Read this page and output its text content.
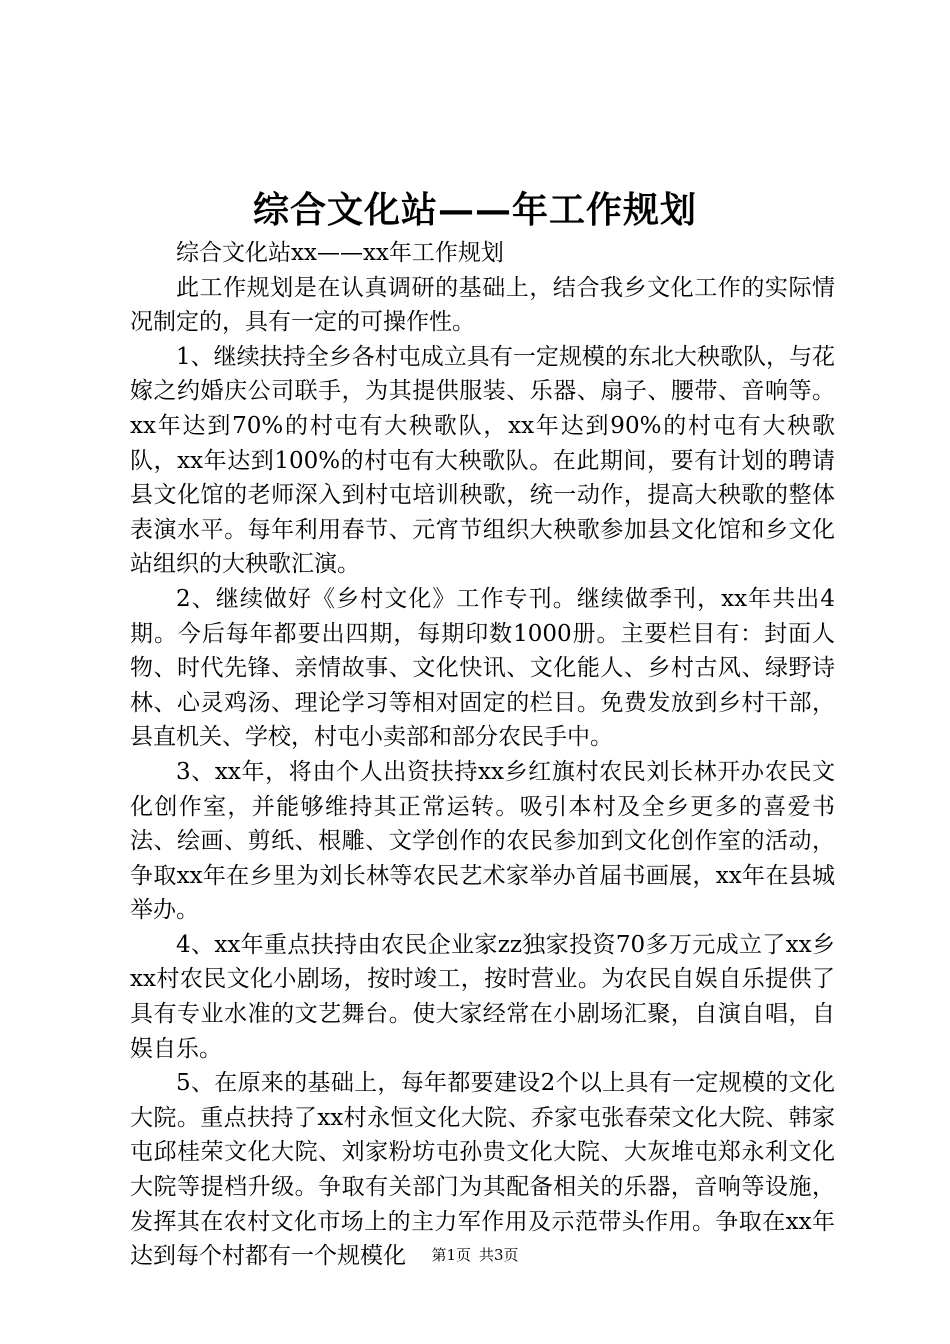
综合文化站——年工作规划

综合文化站xx——xx年工作规划

此工作规划是在认真调研的基础上，结合我乡文化工作的实际情况制定的，具有一定的可操作性。

1、继续扶持全乡各村屯成立具有一定规模的东北大秧歌队，与花嫁之约婚庆公司联手，为其提供服装、乐器、扇子、腰带、音响等。xx年达到70%的村屯有大秧歌队，xx年达到90%的村屯有大秧歌队，xx年达到100%的村屯有大秧歌队。在此期间，要有计划的聘请县文化馆的老师深入到村屯培训秧歌，统一动作，提高大秧歌的整体表演水平。每年利用春节、元宵节组织大秧歌参加县文化馆和乡文化站组织的大秧歌汇演。

2、继续做好《乡村文化》工作专刊。继续做季刊，xx年共出4期。今后每年都要出四期，每期印数1000册。主要栏目有：封面人物、时代先锋、亲情故事、文化快讯、文化能人、乡村古风、绿野诗林、心灵鸡汤、理论学习等相对固定的栏目。免费发放到乡村干部，县直机关、学校，村屯小卖部和部分农民手中。

3、xx年，将由个人出资扶持xx乡红旗村农民刘长林开办农民文化创作室，并能够维持其正常运转。吸引本村及全乡更多的喜爱书法、绘画、剪纸、根雕、文学创作的农民参加到文化创作室的活动，争取xx年在乡里为刘长林等农民艺术家举办首届书画展，xx年在县城举办。

4、xx年重点扶持由农民企业家zz独家投资70多万元成立了xx乡xx村农民文化小剧场，按时竣工，按时营业。为农民自娱自乐提供了具有专业水准的文艺舞台。使大家经常在小剧场汇聚，自演自唱，自娱自乐。

5、在原来的基础上，每年都要建设2个以上具有一定规模的文化大院。重点扶持了xx村永恒文化大院、乔家屯张春荣文化大院、韩家屯邱桂荣文化大院、刘家粉坊屯孙贵文化大院、大灰堆屯郑永利文化大院等提档升级。争取有关部门为其配备相关的乐器，音响等设施，发挥其在农村文化市场上的主力军作用及示范带头作用。争取在xx年达到每个村都有一个规模化	第1页 共3页
